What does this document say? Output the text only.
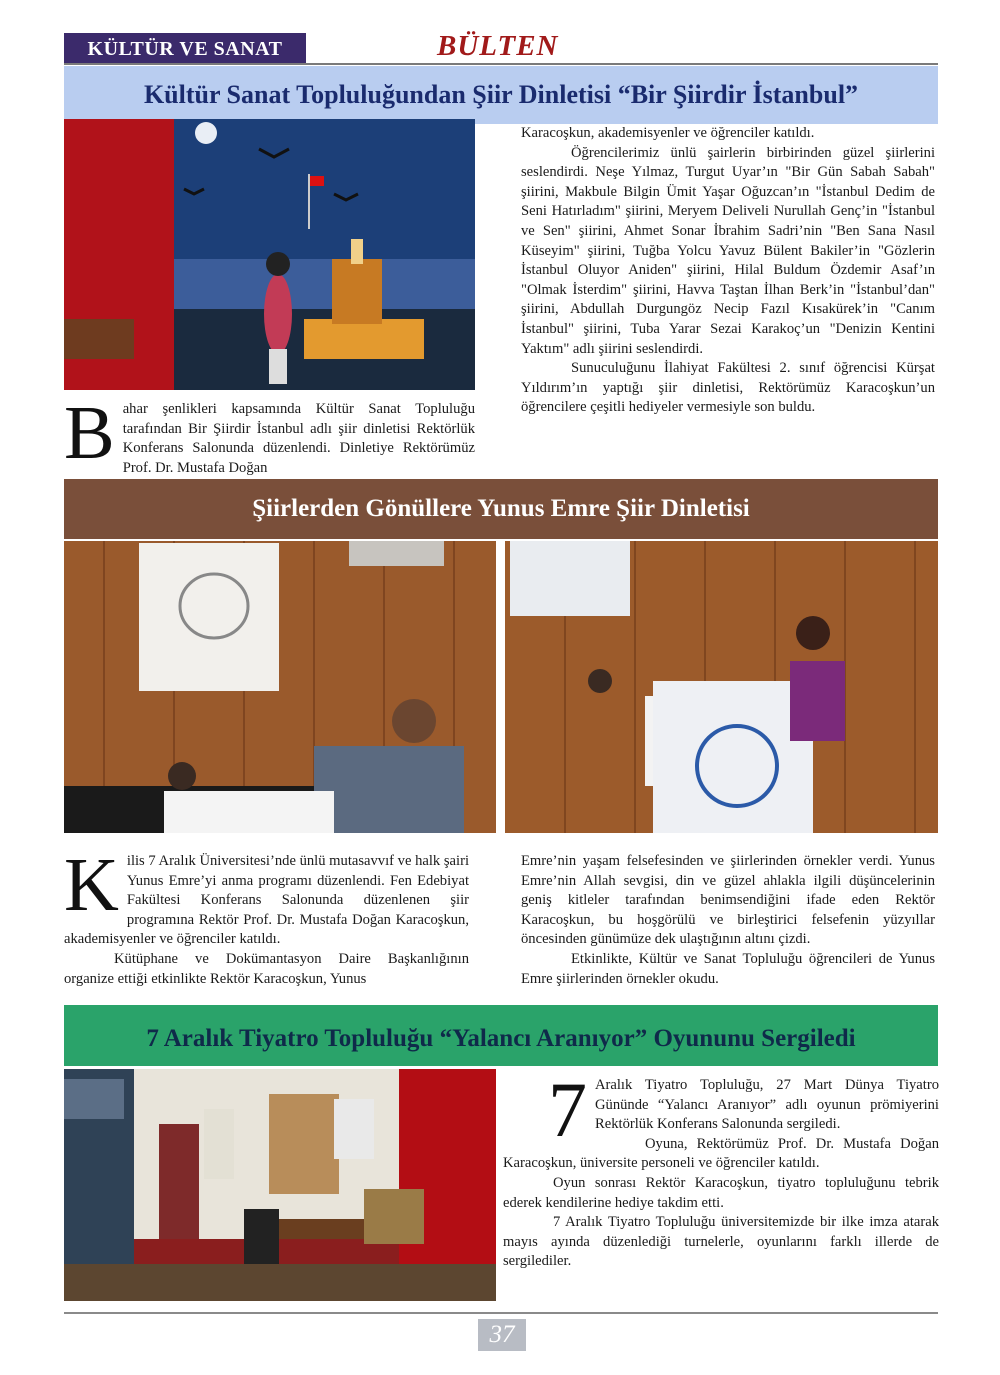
KÜLTÜR VE SANAT	BÜLTEN
Kültür Sanat Topluluğundan Şiir Dinletisi “Bir Şiirdir İstanbul”
B ahar şenlikleri kapsamında Kültür Sanat Topluluğu tarafından Bir Şiirdir İstanbul adlı şiir dinletisi Rektörlük Konferans Salonunda düzenlendi. Dinletiye Rektörümüz Prof. Dr. Mustafa Doğan

Karacoşkun, akademisyenler ve öğrenciler katıldı.

Öğrencilerimiz ünlü şairlerin birbirinden güzel şiirlerini seslendirdi. Neşe Yılmaz, Turgut Uyar’ın "Bir Gün Sabah Sabah" şiirini, Makbule Bilgin Ümit Yaşar Oğuzcan’ın "İstanbul Dedim de Seni Hatırladım" şiirini, Meryem Deliveli Nurullah Genç’in "İstanbul ve Sen" şiirini, Ahmet Sonar İbrahim Sadri’nin "Ben Sana Nasıl Küseyim" şiirini, Tuğba Yolcu Yavuz Bülent Bakiler’in "Gözlerin İstanbul Oluyor Aniden" şiirini, Hilal Buldum Özdemir Asaf’ın "Olmak İsterdim" şiirini, Havva Taştan İlhan Berk’in "İstanbul’dan" şiirini, Abdullah Durgungöz Necip Fazıl Kısakürek’in "Canım İstanbul" şiirini, Tuba Yarar Sezai Karakoç’un "Denizin Kentini Yaktım" adlı şiirini seslendirdi.

Sunuculuğunu İlahiyat Fakültesi 2. sınıf öğrencisi Kürşat Yıldırım’ın yaptığı şiir dinletisi, Rektörümüz Karacoşkun’un öğrencilere çeşitli hediyeler vermesiyle son buldu.

Şiirlerden Gönüllere Yunus Emre Şiir Dinletisi
K ilis 7 Aralık Üniversitesi’nde ünlü mutasavvıf ve halk şairi Yunus Emre’yi anma programı düzenlendi. Fen Edebiyat Fakültesi Konferans Salonunda düzenlenen şiir programına Rektör Prof. Dr. Mustafa Doğan Karacoşkun, akademisyenler ve öğrenciler katıldı.

Kütüphane ve Dokümantasyon Daire Başkanlığının organize ettiği etkinlikte Rektör Karacoşkun, Yunus

Emre’nin yaşam felsefesinden ve şiirlerinden örnekler verdi. Yunus Emre’nin Allah sevgisi, din ve güzel ahlakla ilgili düşüncelerinin geniş kitleler tarafından benimsendiğini ifade eden Rektör Karacoşkun, bu hoşgörülü ve birleştirici felsefenin yüzyıllar öncesinden günümüze dek ulaştığının altını çizdi.

Etkinlikte, Kültür ve Sanat Topluluğu öğrencileri de Yunus Emre şiirlerinden örnekler okudu.

7 Aralık Tiyatro Topluluğu “Yalancı Aranıyor” Oyununu Sergiledi
7 Aralık Tiyatro Topluluğu, 27 Mart Dünya Tiyatro Gününde “Yalancı Aranıyor” adlı oyunun prömiyerini Rektörlük Konferans Salonunda sergiledi.

Oyuna, Rektörümüz Prof. Dr. Mustafa Doğan Karacoşkun, üniversite personeli ve öğrenciler katıldı.

Oyun sonrası Rektör Karacoşkun, tiyatro topluluğunu tebrik ederek kendilerine hediye takdim etti.

7 Aralık Tiyatro Topluluğu üniversitemizde bir ilke imza atarak mayıs ayında düzenlediği turnelerle, oyunlarını farklı illerde de sergilediler.

37
